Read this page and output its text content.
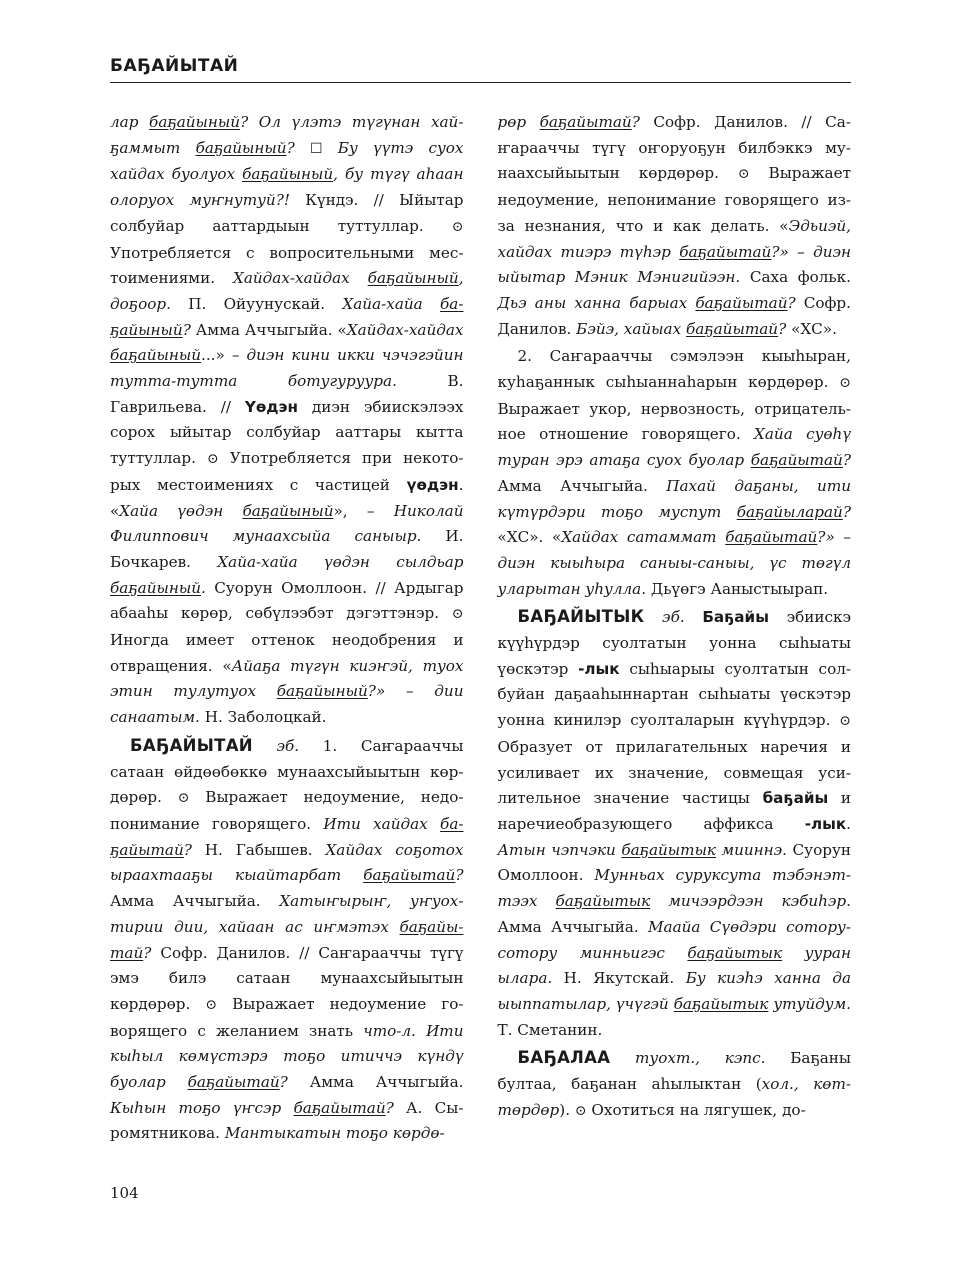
БАҔАЙЫТАЙ

лар баҕайыный? Ол үлэтэ түгүнан хайҕаммыт баҕайыный? ☐ Бу үүтэ суох хайдах буолуох баҕайыный, бу түгү аһаан олоруох муҥнутуй?! Күндэ. // Ыйытар солбуйар ааттардыын туттуллар. ⊙ Употребляется с вопросительными местоимениями. Хайдах-хайдах баҕайыный, доҕоор. П. Ойуунускай. Хайа-хайа баҕайыный? Амма Аччыгыйа. «Хайдах-хайдах баҕайыный...» – диэн кини икки чэчэгэйин тутта-тутта ботугуруура. В. Гаврильева. // Үөдэн диэн эбиискэлээх сорох ыйытар солбуйар ааттары кытта туттуллар. ⊙ Употребляется при некоторых местоимениях с частицей үөдэн. «Хайа үөдэн баҕайыный», – Николай Филиппович мунаахсыйа саныыр. И. Бочкарев. Хайа-хайа үөдэн сылдьар баҕайыный. Суорун Омоллоон. // Ардыгар абааһы көрөр, сөбүлээбэт дэгэттэнэр. ⊙ Иногда имеет оттенок неодобрения и отвращения. «Айаҕа түгүн киэҥэй, туох этин тулутуох баҕайыный?» – дии санаатым. Н. Заболоцкай.

БАҔАЙЫТАЙ эб. 1. Саҥарааччы сатаан өйдөөбөккө мунаахсыйыытын көрдөрөр. ⊙ Выражает недоумение, недопонимание говорящего. Ити хайдах баҕайытай? Н. Габышев. Хайдах соҕотох ыраахтааҕы кыайтарбат баҕайытай? Амма Аччыгыйа. Хатыҥырыҥ, уҥуохтирии дии, хайаан ас иҥмэтэх баҕайытай? Софр. Данилов. // Саҥарааччы түгү эмэ билэ сатаан мунаахсыйыытын көрдөрөр. ⊙ Выражает недоумение говорящего с желанием знать что-л. Ити кыһыл көмүстэрэ тоҕо итиччэ күндү буолар баҕайытай? Амма Аччыгыйа. Кыһын тоҕо үҥсэр баҕайытай? А. Сыромятникова. Мантыкатын тоҕо көрдө-

рөр баҕайытай? Софр. Данилов. // Саҥарааччы түгү оҥоруоҕун билбэккэ мунаахсыйыытын көрдөрөр. ⊙ Выражает недоумение, непонимание говорящего из-за незнания, что и как делать. «Эдьиэй, хайдах тиэрэ түһэр баҕайытай?» – диэн ыйытар Мэник Мэнигийээн. Саха фольк. Дьэ аны ханна барыах баҕайытай? Софр. Данилов. Бэйэ, хайыах баҕайытай? «ХС».

2. Саҥарааччы сэмэлээн кыыһыран, куһаҕаннык сыһыаннаһарын көрдөрөр. ⊙ Выражает укор, нервозность, отрицательное отношение говорящего. Хайа суөһү туран эрэ атаҕа суох буолар баҕайытай? Амма Аччыгыйа. Пахай даҕаны, ити күтүрдэри тоҕо муспут баҕайыларай? «ХС». «Хайдах сатаммат баҕайытай?» – диэн кыыһыра саныы-саныы, үс төгүл уларытан уһулла. Дьүөгэ Ааныстыырап.

БАҔАЙЫТЫК эб. Баҕайы эбиискэ күүһүрдэр суолтатын уонна сыһыаты үөскэтэр -лык сыһыарыы суолтатын солбуйан даҕааһыннартан сыһыаты үөскэтэр уонна кинилэр суолталарын күүһүрдэр. ⊙ Образует от прилагательных наречия и усиливает их значение, совмещая усилительное значение частицы баҕайы и наречиеобразующего аффикса -лык. Атын чэпчэки баҕайытык мииннэ. Суорун Омоллоон. Мунньах суруксута тэбэнэттээх баҕайытык мичээрдээн кэбиһэр. Амма Аччыгыйа. Маайа Сүөдэри сотору-сотору минньигэс баҕайытык ууран ылара. Н. Якутскай. Бу киэһэ ханна да ыыппатылар, үчүгэй баҕайытык утуйдум. Т. Сметанин.

БАҔАЛАА туохт., кэпс. Баҕаны бултаа, баҕанан аһылыктан (хол., көттөрдөр). ⊙ Охотиться на лягушек, до-

104
